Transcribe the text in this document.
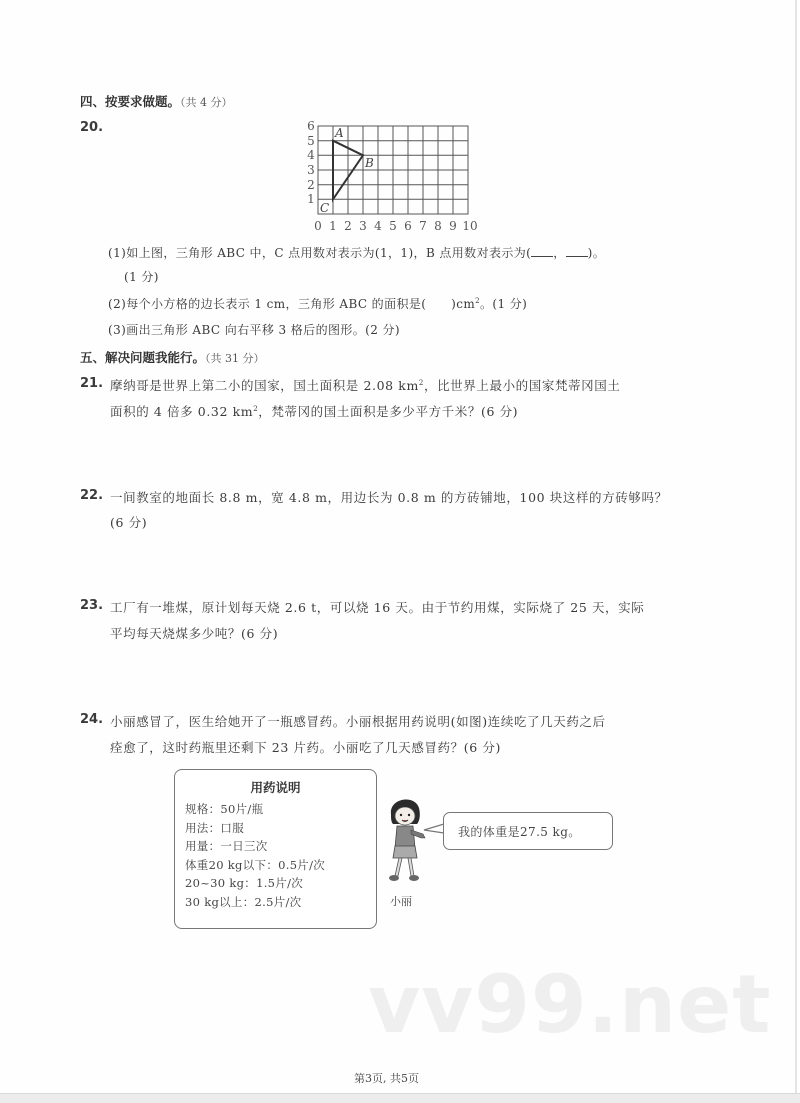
四、按要求做题。（共 4 分）
20.	A
B
C
0 1 2 3 4 5 6 7 8 9 10
1
2
3
4
5
6
(1)如上图，三角形 ABC 中，C 点用数对表示为(1，1)，B 点用数对表示为( ， )。
(1 分)
(2)每个小方格的边长表示 1 cm，三角形 ABC 的面积是(　　)$cm^2$。(1 分)
(3)画出三角形 ABC 向右平移 3 格后的图形。(2 分)
五、解决问题我能行。（共 31 分）
21. 摩纳哥是世界上第二小的国家，国土面积是 2.08 $km^2$，比世界上最小的国家梵蒂冈国土
面积的 4 倍多 0.32 $km^2$，梵蒂冈的国土面积是多少平方千米？(6 分)
22. 一间教室的地面长 8.8 m，宽 4.8 m，用边长为 0.8 m 的方砖铺地，100 块这样的方砖够吗？
(6 分)
23. 工厂有一堆煤，原计划每天烧 2.6 t，可以烧 16 天。由于节约用煤，实际烧了 25 天，实际
平均每天烧煤多少吨？(6 分)
24. 小丽感冒了，医生给她开了一瓶感冒药。小丽根据用药说明(如图)连续吃了几天药之后
痊愈了，这时药瓶里还剩下 23 片药。小丽吃了几天感冒药？(6 分)
用药说明
规格：50片/瓶
用法：口服
用量：一日三次
体重20 kg以下：0.5片/次
20~30 kg：1.5片/次
30 kg以上：2.5片/次	小丽
我的体重是27.5 kg。
vv99.net
第3页, 共5页
